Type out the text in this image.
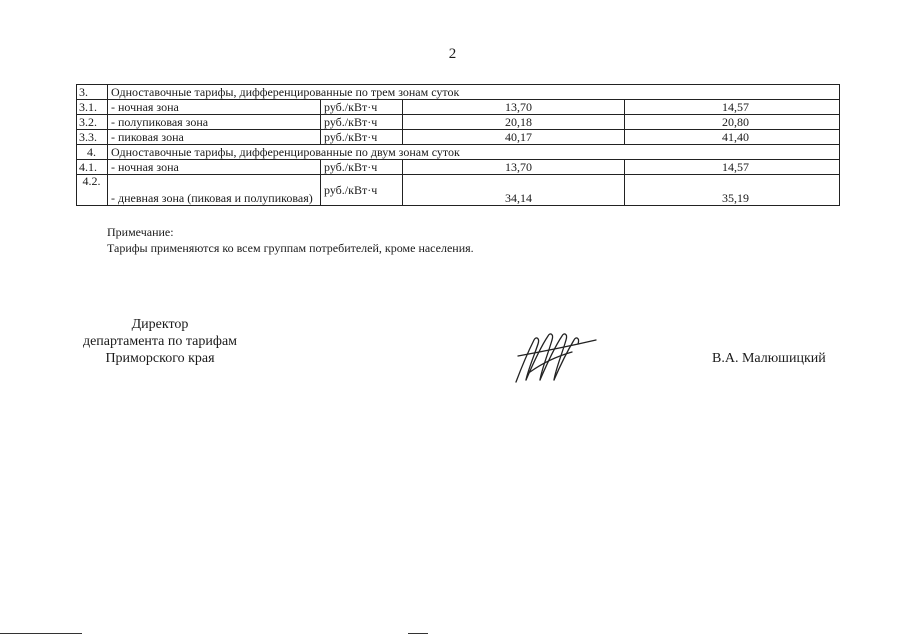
2
3.	Одноставочные тарифы, дифференцированные по трем зонам суток			
3.1.	- ночная зона	руб./кВт·ч	13,70	14,57
3.2.	- полупиковая зона	руб./кВт·ч	20,18	20,80
3.3.	- пиковая зона	руб./кВт·ч	40,17	41,40
4.	Одноставочные тарифы, дифференцированные по двум зонам суток			
4.1.	- ночная зона	руб./кВт·ч	13,70	14,57
4.2.	- дневная зона (пиковая и полупиковая)	руб./кВт·ч	34,14	35,19
Примечание:
Тарифы применяются ко всем группам потребителей, кроме населения.
Директор
департамента по тарифам
Приморского края	В.А. Малюшицкий
